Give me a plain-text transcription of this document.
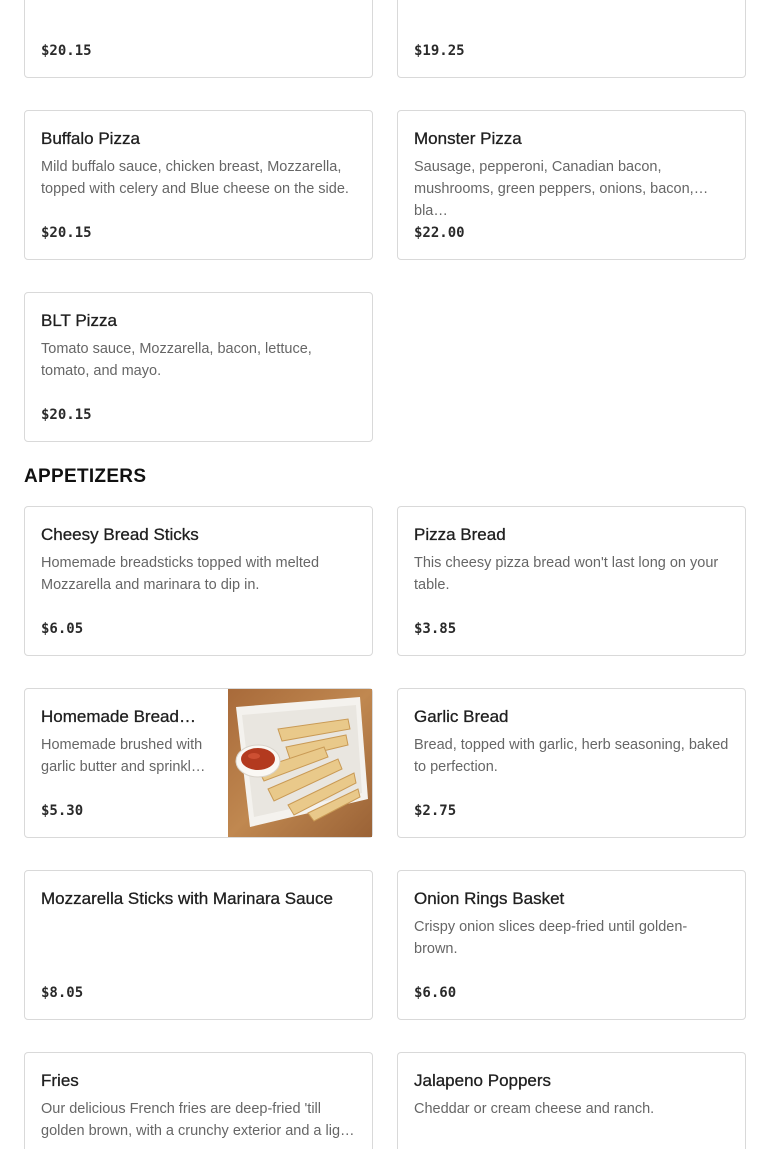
$20.15	$19.25
Buffalo Pizza
Mild buffalo sauce, chicken breast, Mozzarella, topped with celery and Blue cheese on the side.
$20.15
Monster Pizza
Sausage, pepperoni, Canadian bacon, mushrooms, green peppers, onions, bacon, bla…
$22.00
BLT Pizza
Tomato sauce, Mozzarella, bacon, lettuce, tomato, and mayo.
$20.15
APPETIZERS
Cheesy Bread Sticks
Homemade breadsticks topped with melted Mozzarella and marinara to dip in.
$6.05
Pizza Bread
This cheesy pizza bread won't last long on your table.
$3.85
Homemade Bread…
Homemade brushed with garlic butter and sprinkl…
$5.30
Garlic Bread
Bread, topped with garlic, herb seasoning, baked to perfection.
$2.75
Mozzarella Sticks with Marinara Sauce
$8.05
Onion Rings Basket
Crispy onion slices deep-fried until golden-brown.
$6.60
Fries
Our delicious French fries are deep-fried 'till golden brown, with a crunchy exterior and a lig…
Jalapeno Poppers
Cheddar or cream cheese and ranch.
